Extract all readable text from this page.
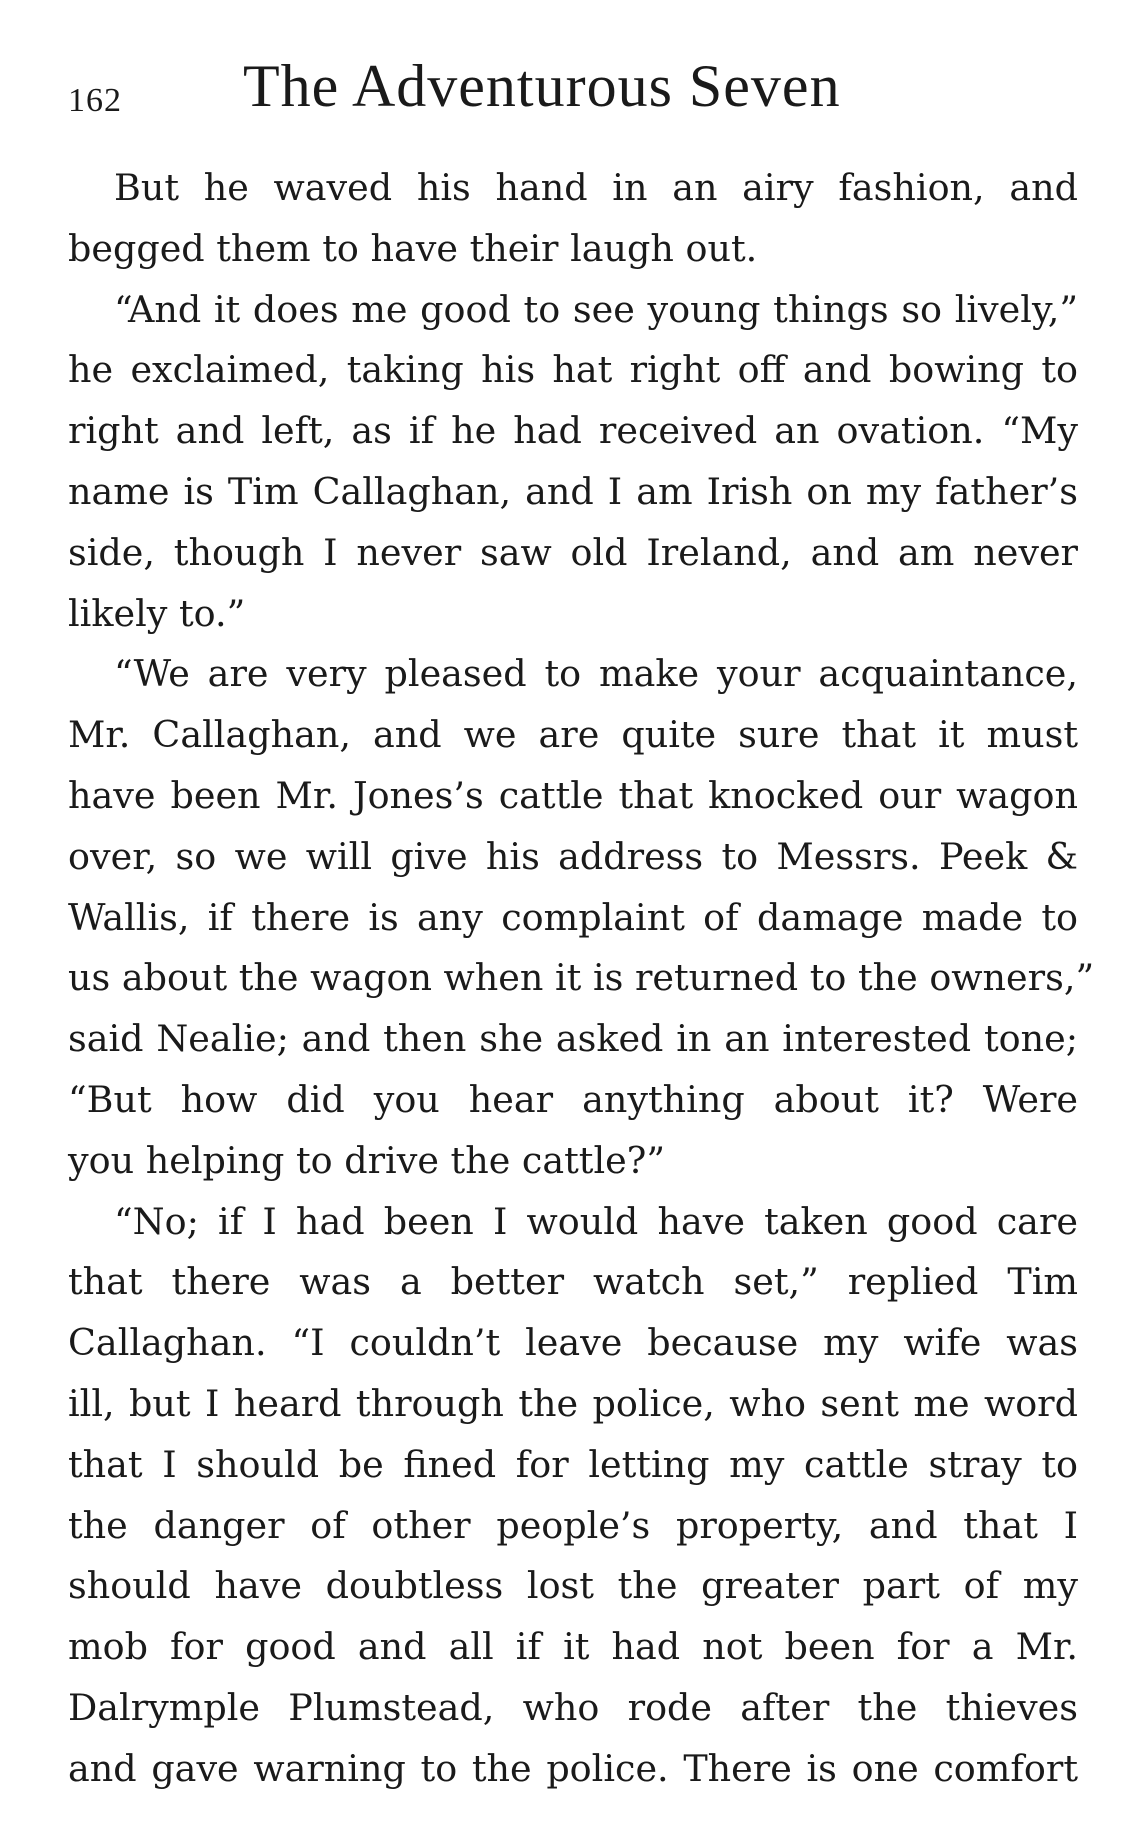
162 The Adventurous Seven
But he waved his hand in an airy fashion, and
begged them to have their laugh out.
“And it does me good to see young things so lively,”
he exclaimed, taking his hat right off and bowing to
right and left, as if he had received an ovation. “My
name is Tim Callaghan, and I am Irish on my father’s
side, though I never saw old Ireland, and am never
likely to.”
“We are very pleased to make your acquaintance,
Mr. Callaghan, and we are quite sure that it must
have been Mr. Jones’s cattle that knocked our wagon
over, so we will give his address to Messrs. Peek &
Wallis, if there is any complaint of damage made to
us about the wagon when it is returned to the owners,”
said Nealie; and then she asked in an interested tone;
“But how did you hear anything about it? Were
you helping to drive the cattle?”
“No; if I had been I would have taken good care
that there was a better watch set,” replied Tim
Callaghan. “I couldn’t leave because my wife was
ill, but I heard through the police, who sent me word
that I should be fined for letting my cattle stray to
the danger of other people’s property, and that I
should have doubtless lost the greater part of my
mob for good and all if it had not been for a Mr.
Dalrymple Plumstead, who rode after the thieves
and gave warning to the police. There is one comfort
